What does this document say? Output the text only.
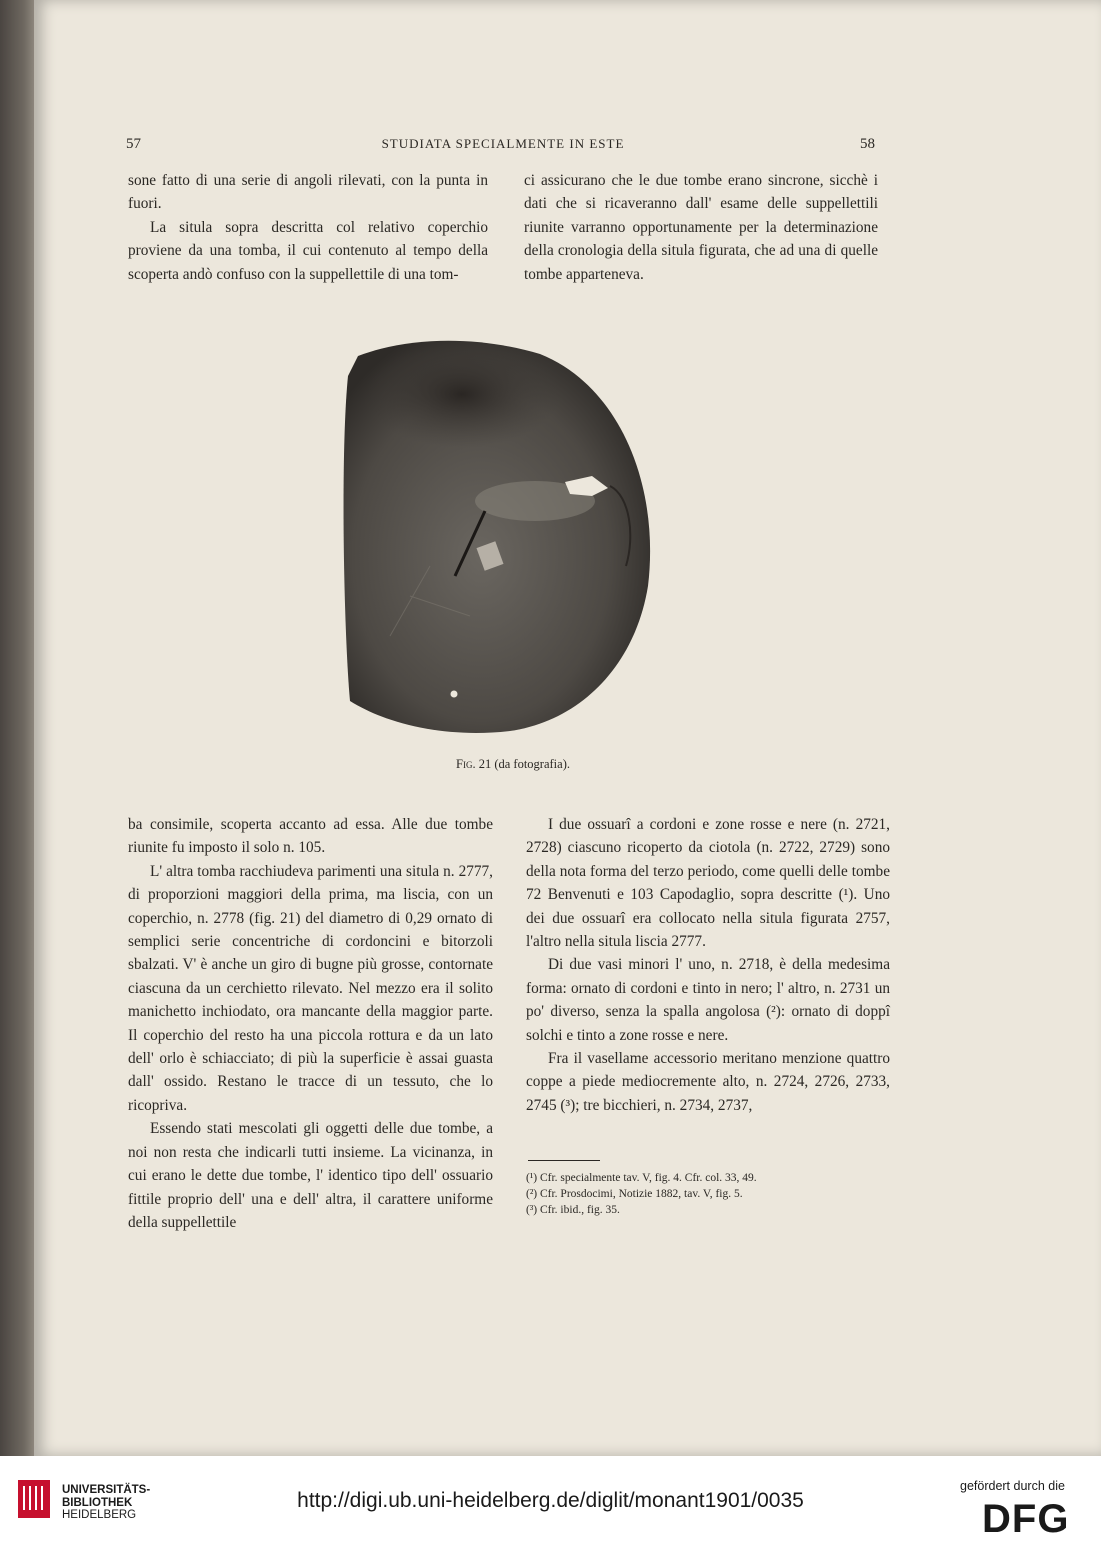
57	STUDIATA SPECIALMENTE IN ESTE	58

sone fatto di una serie di angoli rilevati, con la punta in fuori.

La situla sopra descritta col relativo coperchio proviene da una tomba, il cui contenuto al tempo della scoperta andò confuso con la suppellettile di una tom-

ci assicurano che le due tombe erano sincrone, sicchè i dati che si ricaveranno dall' esame delle suppellettili riunite varranno opportunamente per la determinazione della cronologia della situla figurata, che ad una di quelle tombe apparteneva.

Fig. 21 (da fotografia).

ba consimile, scoperta accanto ad essa. Alle due tombe riunite fu imposto il solo n. 105.

L' altra tomba racchiudeva parimenti una situla n. 2777, di proporzioni maggiori della prima, ma liscia, con un coperchio, n. 2778 (fig. 21) del diametro di 0,29 ornato di semplici serie concentriche di cordoncini e bitorzoli sbalzati. V' è anche un giro di bugne più grosse, contornate ciascuna da un cerchietto rilevato. Nel mezzo era il solito manichetto inchiodato, ora mancante della maggior parte. Il coperchio del resto ha una piccola rottura e da un lato dell' orlo è schiacciato; di più la superficie è assai guasta dall' ossido. Restano le tracce di un tessuto, che lo ricopriva.

Essendo stati mescolati gli oggetti delle due tombe, a noi non resta che indicarli tutti insieme. La vicinanza, in cui erano le dette due tombe, l' identico tipo dell' ossuario fittile proprio dell' una e dell' altra, il carattere uniforme della suppellettile

I due ossuarî a cordoni e zone rosse e nere (n. 2721, 2728) ciascuno ricoperto da ciotola (n. 2722, 2729) sono della nota forma del terzo periodo, come quelli delle tombe 72 Benvenuti e 103 Capodaglio, sopra descritte (¹). Uno dei due ossuarî era collocato nella situla figurata 2757, l'altro nella situla liscia 2777.

Di due vasi minori l' uno, n. 2718, è della medesima forma: ornato di cordoni e tinto in nero; l' altro, n. 2731 un po' diverso, senza la spalla angolosa (²): ornato di doppî solchi e tinto a zone rosse e nere.

Fra il vasellame accessorio meritano menzione quattro coppe a piede mediocremente alto, n. 2724, 2726, 2733, 2745 (³); tre bicchieri, n. 2734, 2737,

(¹) Cfr. specialmente tav. V, fig. 4. Cfr. col. 33, 49.
(²) Cfr. Prosdocimi, Notizie 1882, tav. V, fig. 5.
(³) Cfr. ibid., fig. 35.
UNIVERSITÄTS-
BIBLIOTHEK
HEIDELBERG
http://digi.ub.uni-heidelberg.de/diglit/monant1901/0035
gefördert durch die
DFG
